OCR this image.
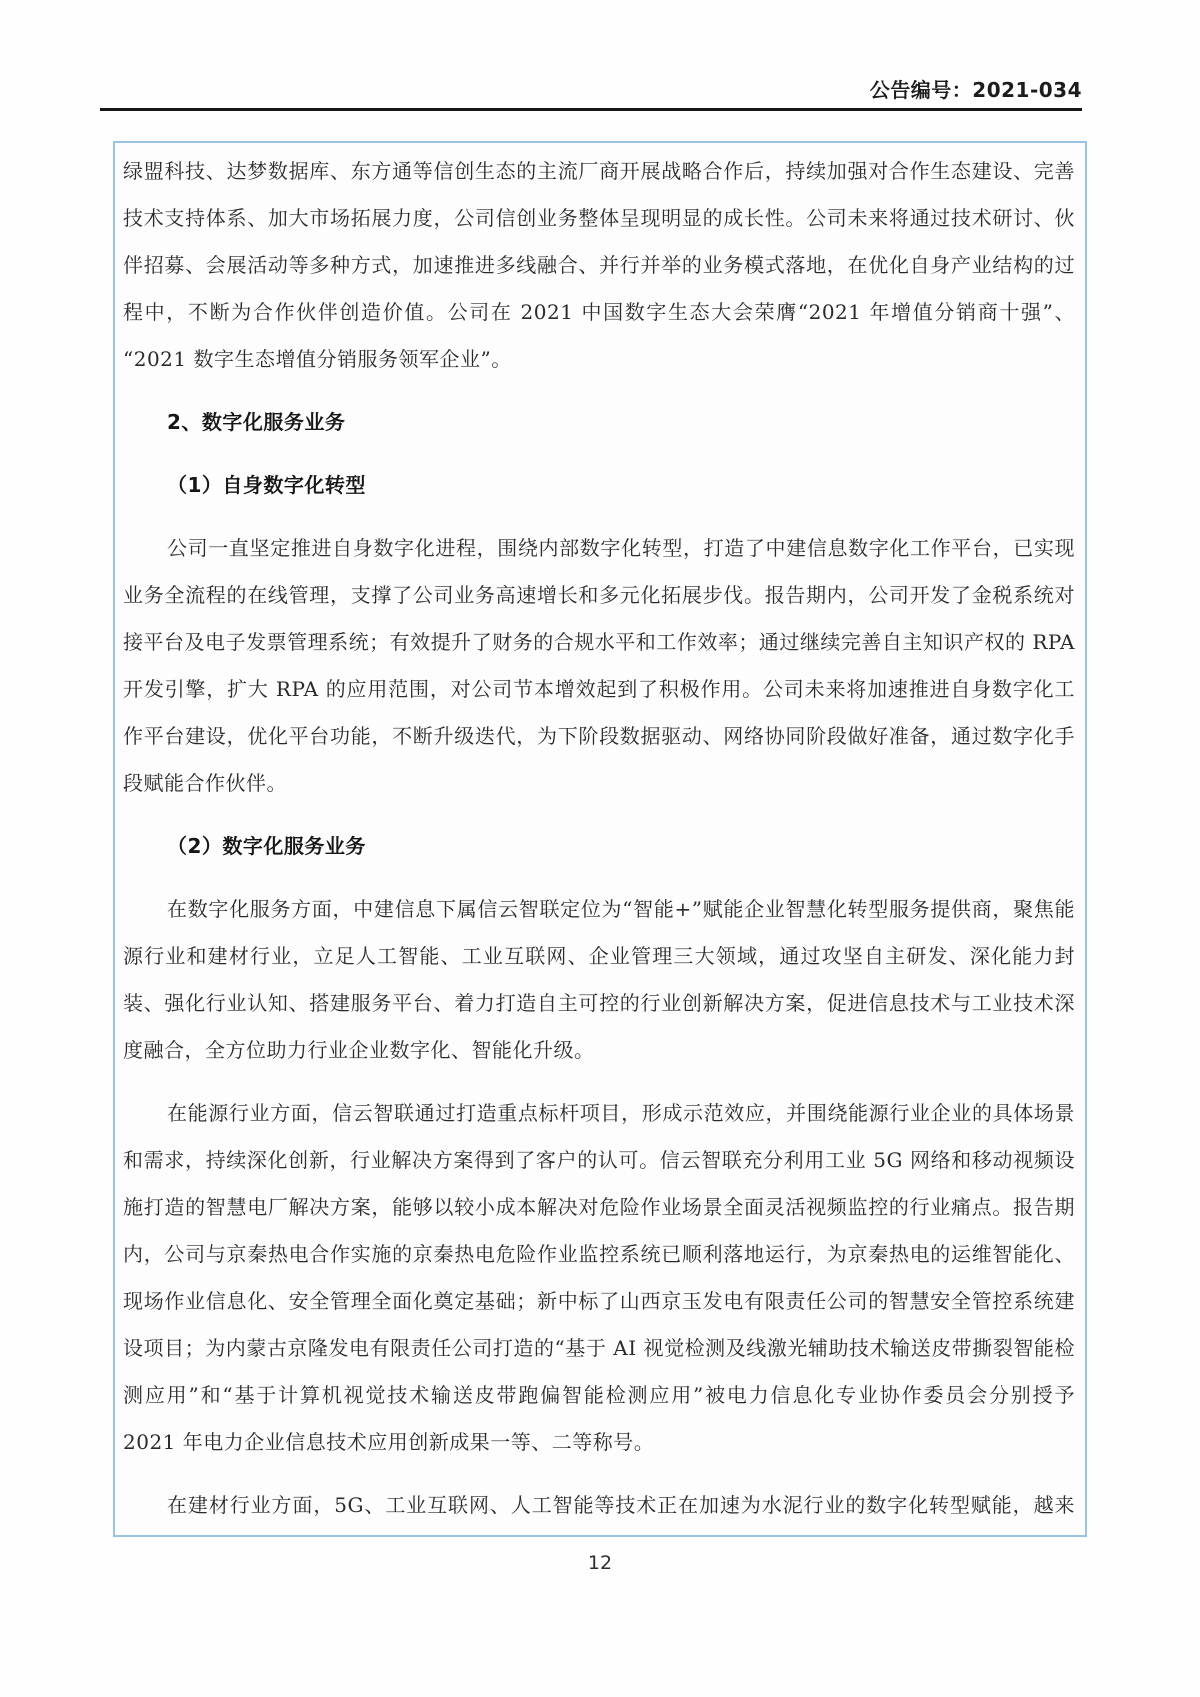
公告编号：2021-034

绿盟科技、达梦数据库、东方通等信创生态的主流厂商开展战略合作后，持续加强对合作生态建设、完善技术支持体系、加大市场拓展力度，公司信创业务整体呈现明显的成长性。公司未来将通过技术研讨、伙伴招募、会展活动等多种方式，加速推进多线融合、并行并举的业务模式落地，在优化自身产业结构的过程中，不断为合作伙伴创造价值。公司在 2021 中国数字生态大会荣膺“2021 年增值分销商十强”、“2021 数字生态增值分销服务领军企业”。

2、数字化服务业务

（1）自身数字化转型

公司一直坚定推进自身数字化进程，围绕内部数字化转型，打造了中建信息数字化工作平台，已实现业务全流程的在线管理，支撑了公司业务高速增长和多元化拓展步伐。报告期内，公司开发了金税系统对接平台及电子发票管理系统；有效提升了财务的合规水平和工作效率；通过继续完善自主知识产权的 RPA 开发引擎，扩大 RPA 的应用范围，对公司节本增效起到了积极作用。公司未来将加速推进自身数字化工作平台建设，优化平台功能，不断升级迭代，为下阶段数据驱动、网络协同阶段做好准备，通过数字化手段赋能合作伙伴。

（2）数字化服务业务

在数字化服务方面，中建信息下属信云智联定位为“智能+”赋能企业智慧化转型服务提供商，聚焦能源行业和建材行业，立足人工智能、工业互联网、企业管理三大领域，通过攻坚自主研发、深化能力封装、强化行业认知、搭建服务平台、着力打造自主可控的行业创新解决方案，促进信息技术与工业技术深度融合，全方位助力行业企业数字化、智能化升级。

在能源行业方面，信云智联通过打造重点标杆项目，形成示范效应，并围绕能源行业企业的具体场景和需求，持续深化创新，行业解决方案得到了客户的认可。信云智联充分利用工业 5G 网络和移动视频设施打造的智慧电厂解决方案，能够以较小成本解决对危险作业场景全面灵活视频监控的行业痛点。报告期内，公司与京秦热电合作实施的京秦热电危险作业监控系统已顺利落地运行，为京秦热电的运维智能化、现场作业信息化、安全管理全面化奠定基础；新中标了山西京玉发电有限责任公司的智慧安全管控系统建设项目；为内蒙古京隆发电有限责任公司打造的“基于 AI 视觉检测及线激光辅助技术输送皮带撕裂智能检测应用”和“基于计算机视觉技术输送皮带跑偏智能检测应用”被电力信息化专业协作委员会分别授予 2021 年电力企业信息技术应用创新成果一等、二等称号。

在建材行业方面，5G、工业互联网、人工智能等技术正在加速为水泥行业的数字化转型赋能，越来

12
